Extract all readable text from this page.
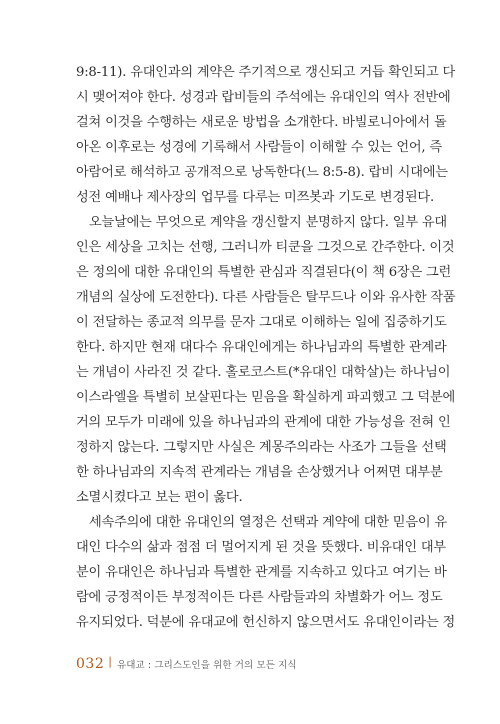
9:8-11). 유대인과의 계약은 주기적으로 갱신되고 거듭 확인되고 다
시 맺어져야 한다. 성경과 랍비들의 주석에는 유대인의 역사 전반에
걸쳐 이것을 수행하는 새로운 방법을 소개한다. 바빌로니아에서 돌
아온 이후로는 성경에 기록해서 사람들이 이해할 수 있는 언어, 즉
아람어로 해석하고 공개적으로 낭독한다(느 8:5-8). 랍비 시대에는
성전 예배나 제사장의 업무를 다루는 미쯔봇과 기도로 변경된다.
　오늘날에는 무엇으로 계약을 갱신할지 분명하지 않다. 일부 유대
인은 세상을 고치는 선행, 그러니까 티쿤을 그것으로 간주한다. 이것
은 정의에 대한 유대인의 특별한 관심과 직결된다(이 책 6장은 그런
개념의 실상에 도전한다). 다른 사람들은 탈무드나 이와 유사한 작품
이 전달하는 종교적 의무를 문자 그대로 이해하는 일에 집중하기도
한다. 하지만 현재 대다수 유대인에게는 하나님과의 특별한 관계라
는 개념이 사라진 것 같다. 홀로코스트(*유대인 대학살)는 하나님이
이스라엘을 특별히 보살핀다는 믿음을 확실하게 파괴했고 그 덕분에
거의 모두가 미래에 있을 하나님과의 관계에 대한 가능성을 전혀 인
정하지 않는다. 그렇지만 사실은 계몽주의라는 사조가 그들을 선택
한 하나님과의 지속적 관계라는 개념을 손상했거나 어쩌면 대부분
소멸시켰다고 보는 편이 옳다.
　세속주의에 대한 유대인의 열정은 선택과 계약에 대한 믿음이 유
대인 다수의 삶과 점점 더 멀어지게 된 것을 뜻했다. 비유대인 대부
분이 유대인은 하나님과 특별한 관계를 지속하고 있다고 여기는 바
람에 긍정적이든 부정적이든 다른 사람들과의 차별화가 어느 정도
유지되었다. 덕분에 유대교에 헌신하지 않으면서도 유대인이라는 정
032 | 유대교 : 그리스도인을 위한 거의 모든 지식
